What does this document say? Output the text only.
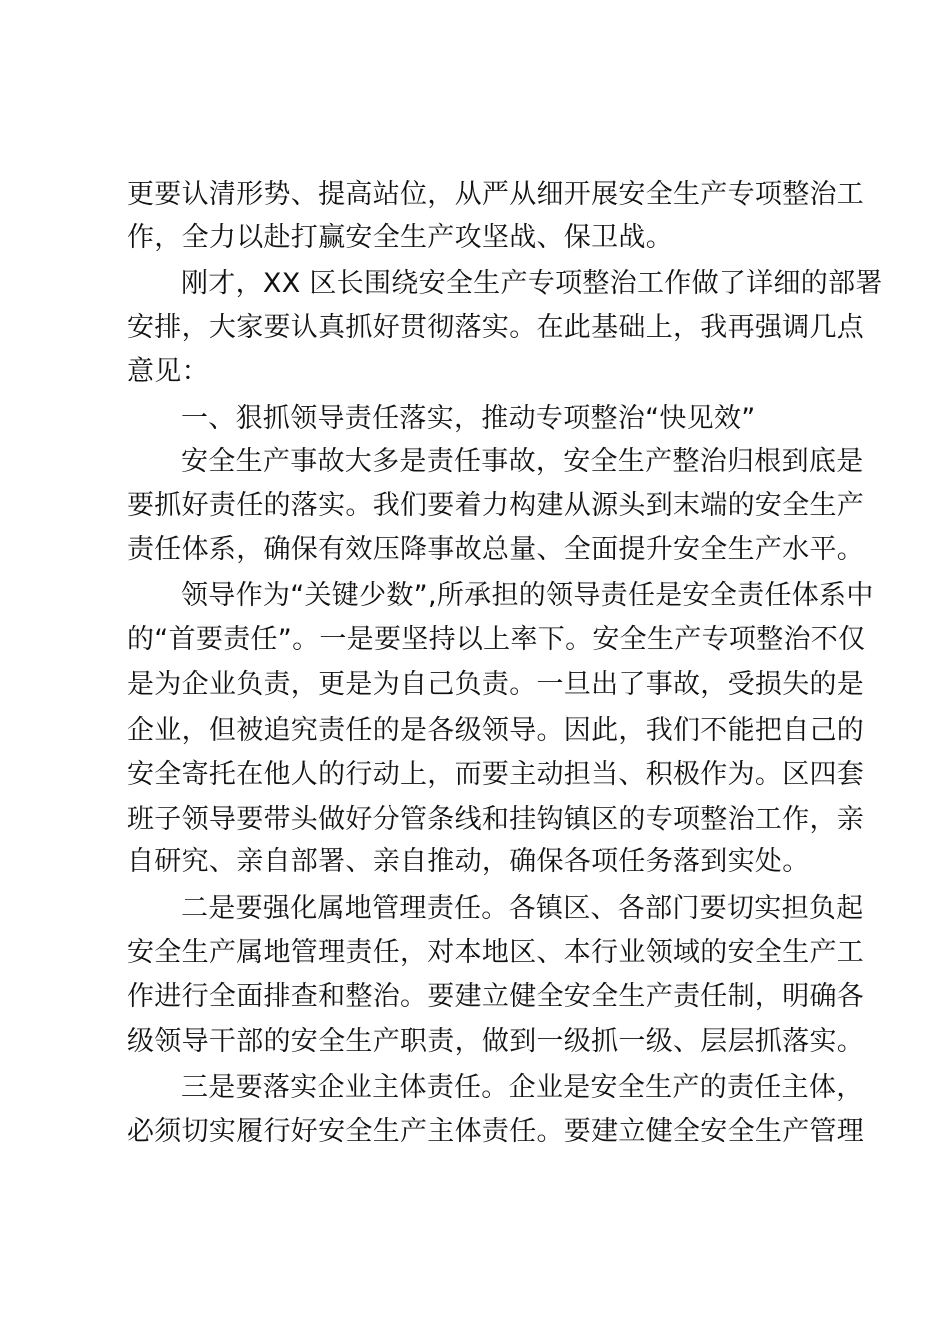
更要认清形势、提高站位，从严从细开展安全生产专项整治工
作，全力以赴打赢安全生产攻坚战、保卫战。
刚才，XX 区长围绕安全生产专项整治工作做了详细的部署
安排，大家要认真抓好贯彻落实。在此基础上，我再强调几点
意见：
一、狠抓领导责任落实，推动专项整治“快见效”
安全生产事故大多是责任事故，安全生产整治归根到底是
要抓好责任的落实。我们要着力构建从源头到末端的安全生产
责任体系，确保有效压降事故总量、全面提升安全生产水平。
领导作为“关键少数”,所承担的领导责任是安全责任体系中
的“首要责任”。一是要坚持以上率下。安全生产专项整治不仅
是为企业负责，更是为自己负责。一旦出了事故，受损失的是
企业，但被追究责任的是各级领导。因此，我们不能把自己的
安全寄托在他人的行动上，而要主动担当、积极作为。区四套
班子领导要带头做好分管条线和挂钩镇区的专项整治工作，亲
自研究、亲自部署、亲自推动，确保各项任务落到实处。
二是要强化属地管理责任。各镇区、各部门要切实担负起
安全生产属地管理责任，对本地区、本行业领域的安全生产工
作进行全面排查和整治。要建立健全安全生产责任制，明确各
级领导干部的安全生产职责，做到一级抓一级、层层抓落实。
三是要落实企业主体责任。企业是安全生产的责任主体，
必须切实履行好安全生产主体责任。要建立健全安全生产管理
